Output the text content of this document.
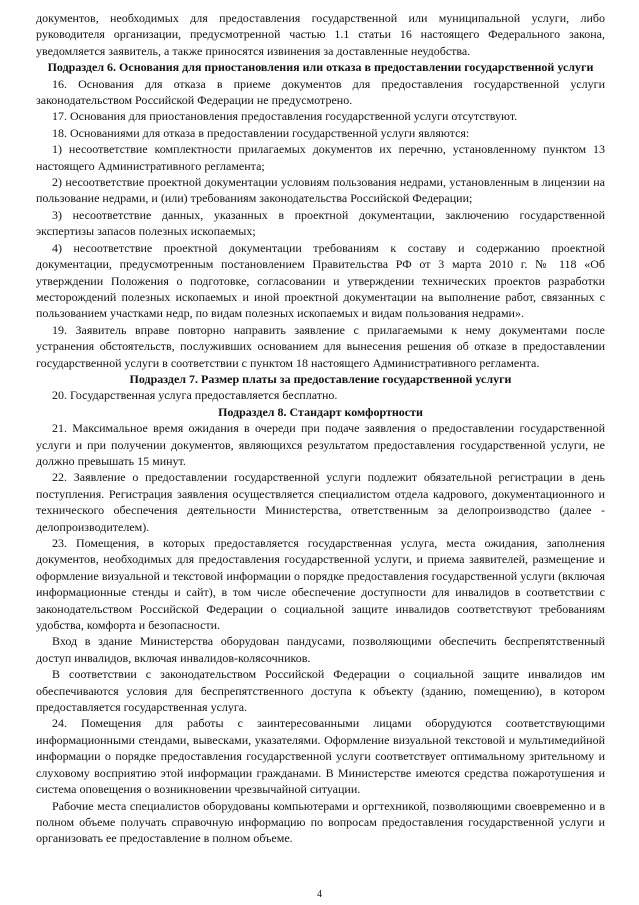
документов, необходимых для предоставления государственной или муниципальной услуги, либо руководителя организации, предусмотренной частью 1.1 статьи 16 настоящего Федерального закона, уведомляется заявитель, а также приносятся извинения за доставленные неудобства.

Подраздел 6. Основания для приостановления или отказа в предоставлении государственной услуги

16. Основания для отказа в приеме документов для предоставления государственной услуги законодательством Российской Федерации не предусмотрено.

17. Основания для приостановления предоставления государственной услуги отсутствуют.

18. Основаниями для отказа в предоставлении государственной услуги являются:

1) несоответствие комплектности прилагаемых документов их перечню, установленному пунктом 13 настоящего Административного регламента;

2) несоответствие проектной документации условиям пользования недрами, установленным в лицензии на пользование недрами, и (или) требованиям законодательства Российской Федерации;

3) несоответствие данных, указанных в проектной документации, заключению государственной экспертизы запасов полезных ископаемых;

4) несоответствие проектной документации требованиям к составу и содержанию проектной документации, предусмотренным постановлением Правительства РФ от 3 марта 2010 г. № 118 «Об утверждении Положения о подготовке, согласовании и утверждении технических проектов разработки месторождений полезных ископаемых и иной проектной документации на выполнение работ, связанных с пользованием участками недр, по видам полезных ископаемых и видам пользования недрами».

19. Заявитель вправе повторно направить заявление с прилагаемыми к нему документами после устранения обстоятельств, послуживших основанием для вынесения решения об отказе в предоставлении государственной услуги в соответствии с пунктом 18 настоящего Административного регламента.

Подраздел 7. Размер платы за предоставление государственной услуги

20. Государственная услуга предоставляется бесплатно.

Подраздел 8. Стандарт комфортности

21. Максимальное время ожидания в очереди при подаче заявления о предоставлении государственной услуги и при получении документов, являющихся результатом предоставления государственной услуги, не должно превышать 15 минут.

22. Заявление о предоставлении государственной услуги подлежит обязательной регистрации в день поступления. Регистрация заявления осуществляется специалистом отдела кадрового, документационного и технического обеспечения деятельности Министерства, ответственным за делопроизводство (далее - делопроизводителем).

23. Помещения, в которых предоставляется государственная услуга, места ожидания, заполнения документов, необходимых для предоставления государственной услуги, и приема заявителей, размещение и оформление визуальной и текстовой информации о порядке предоставления государственной услуги (включая информационные стенды и сайт), в том числе обеспечение доступности для инвалидов в соответствии с законодательством Российской Федерации о социальной защите инвалидов соответствуют требованиям удобства, комфорта и безопасности.

Вход в здание Министерства оборудован пандусами, позволяющими обеспечить беспрепятственный доступ инвалидов, включая инвалидов-колясочников.

В соответствии с законодательством Российской Федерации о социальной защите инвалидов им обеспечиваются условия для беспрепятственного доступа к объекту (зданию, помещению), в котором предоставляется государственная услуга.

24. Помещения для работы с заинтересованными лицами оборудуются соответствующими информационными стендами, вывесками, указателями. Оформление визуальной текстовой и мультимедийной информации о порядке предоставления государственной услуги соответствует оптимальному зрительному и слуховому восприятию этой информации гражданами. В Министерстве имеются средства пожаротушения и система оповещения о возникновении чрезвычайной ситуации.

Рабочие места специалистов оборудованы компьютерами и оргтехникой, позволяющими своевременно и в полном объеме получать справочную информацию по вопросам предоставления государственной услуги и организовать ее предоставление в полном объеме.

4
